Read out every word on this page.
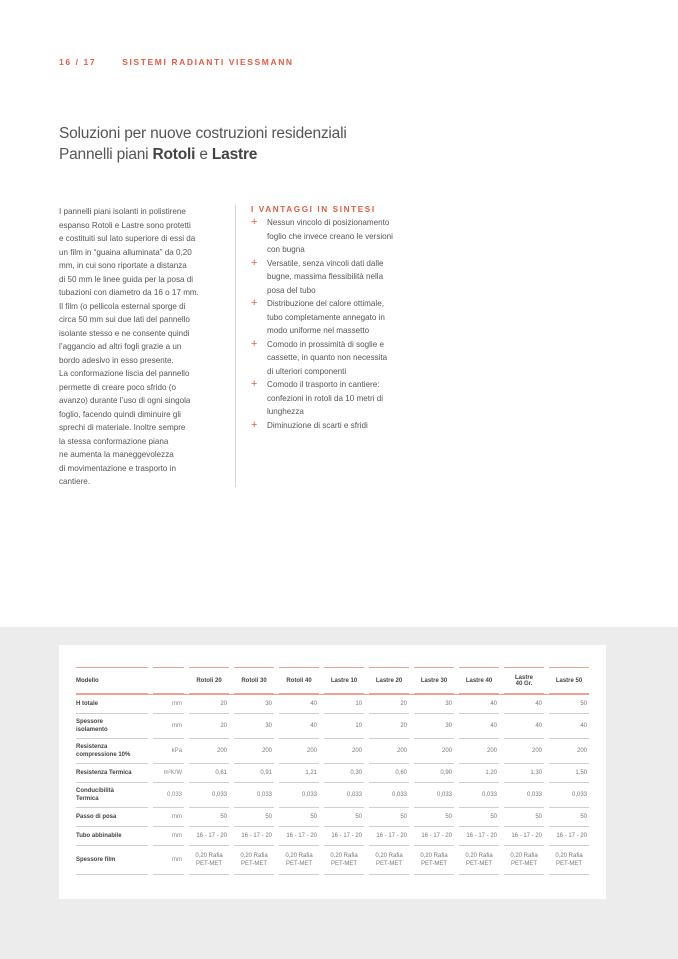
16 / 17	SISTEMI RADIANTI VIESSMANN
Soluzioni per nuove costruzioni residenziali
Pannelli piani Rotoli e Lastre
I pannelli piani isolanti in polistirene
espanso Rotoli e Lastre sono protetti
e costituiti sul lato superiore di essi da
un film in “guaina alluminata” da 0,20
mm, in cui sono riportate a distanza
di 50 mm le linee guida per la posa di
tubazioni con diametro da 16 o 17 mm.
Il film (o pellicola esternal sporge di
circa 50 mm sui due lati del pannello
isolante stesso e ne consente quindi
l’aggancio ad altri fogli grazie a un
bordo adesivo in esso presente.
La conformazione liscia del pannello
permette di creare poco sfrido (o
avanzo) durante l’uso di ogni singola
foglio, facendo quindi diminuire gli
sprechi di materiale. Inoltre sempre
la stessa conformazione piana
ne aumenta la maneggevolezza
di movimentazione e trasporto in
cantiere.
I VANTAGGI IN SINTESI
+ Nessun vincolo di posizionamento
foglio che invece creano le versioni
con bugna
+ Versatile, senza vincoli dati dalle
bugne, massima flessibilità nella
posa del tubo
+ Distribuzione del calore ottimale,
tubo completamente annegato in
modo uniforme nel massetto
+ Comodo in prossimità di soglie e
cassette, in quanto non necessita
di ulteriori componenti
+ Comodo il trasporto in cantiere:
confezioni in rotoli da 10 metri di
lunghezza
+ Diminuzione di scarti e sfridi
Modello				Rotoli 20		Rotoli 30		Rotoli 40		Lastre 10		Lastre 20		Lastre 30		Lastre 40		Lastre
40 Gr.		Lastre 50
H totale		mm		20		30		40		10		20		30		40		40		50
Spessore
isolamento		mm		20		30		40		10		20		30		40		40		40
Resistenza
compressione 10%		kPa		200		200		200		200		200		200		200		200		200
Resistenza Termica		m²K/W		0,61		0,91		1,21		0,30		0,60		0,90		1,20		1,30		1,50
Conducibilità
Termica		0,033		0,033		0,033		0,033		0,033		0,033		0,033		0,033		0,033		0,033
Passo di posa		mm		50		50		50		50		50		50		50		50		50
Tubo abbinabile		mm		16 - 17 - 20		16 - 17 - 20		16 - 17 - 20		16 - 17 - 20		16 - 17 - 20		16 - 17 - 20		16 - 17 - 20		16 - 17 - 20		16 - 17 - 20
Spessore film		mm		0,20 Rafia
PET-MET		0,20 Rafia
PET-MET		0,20 Rafia
PET-MET		0,20 Rafia
PET-MET		0,20 Rafia
PET-MET		0,20 Rafia
PET-MET		0,20 Rafia
PET-MET		0,20 Rafia
PET-MET		0,20 Rafia
PET-MET
